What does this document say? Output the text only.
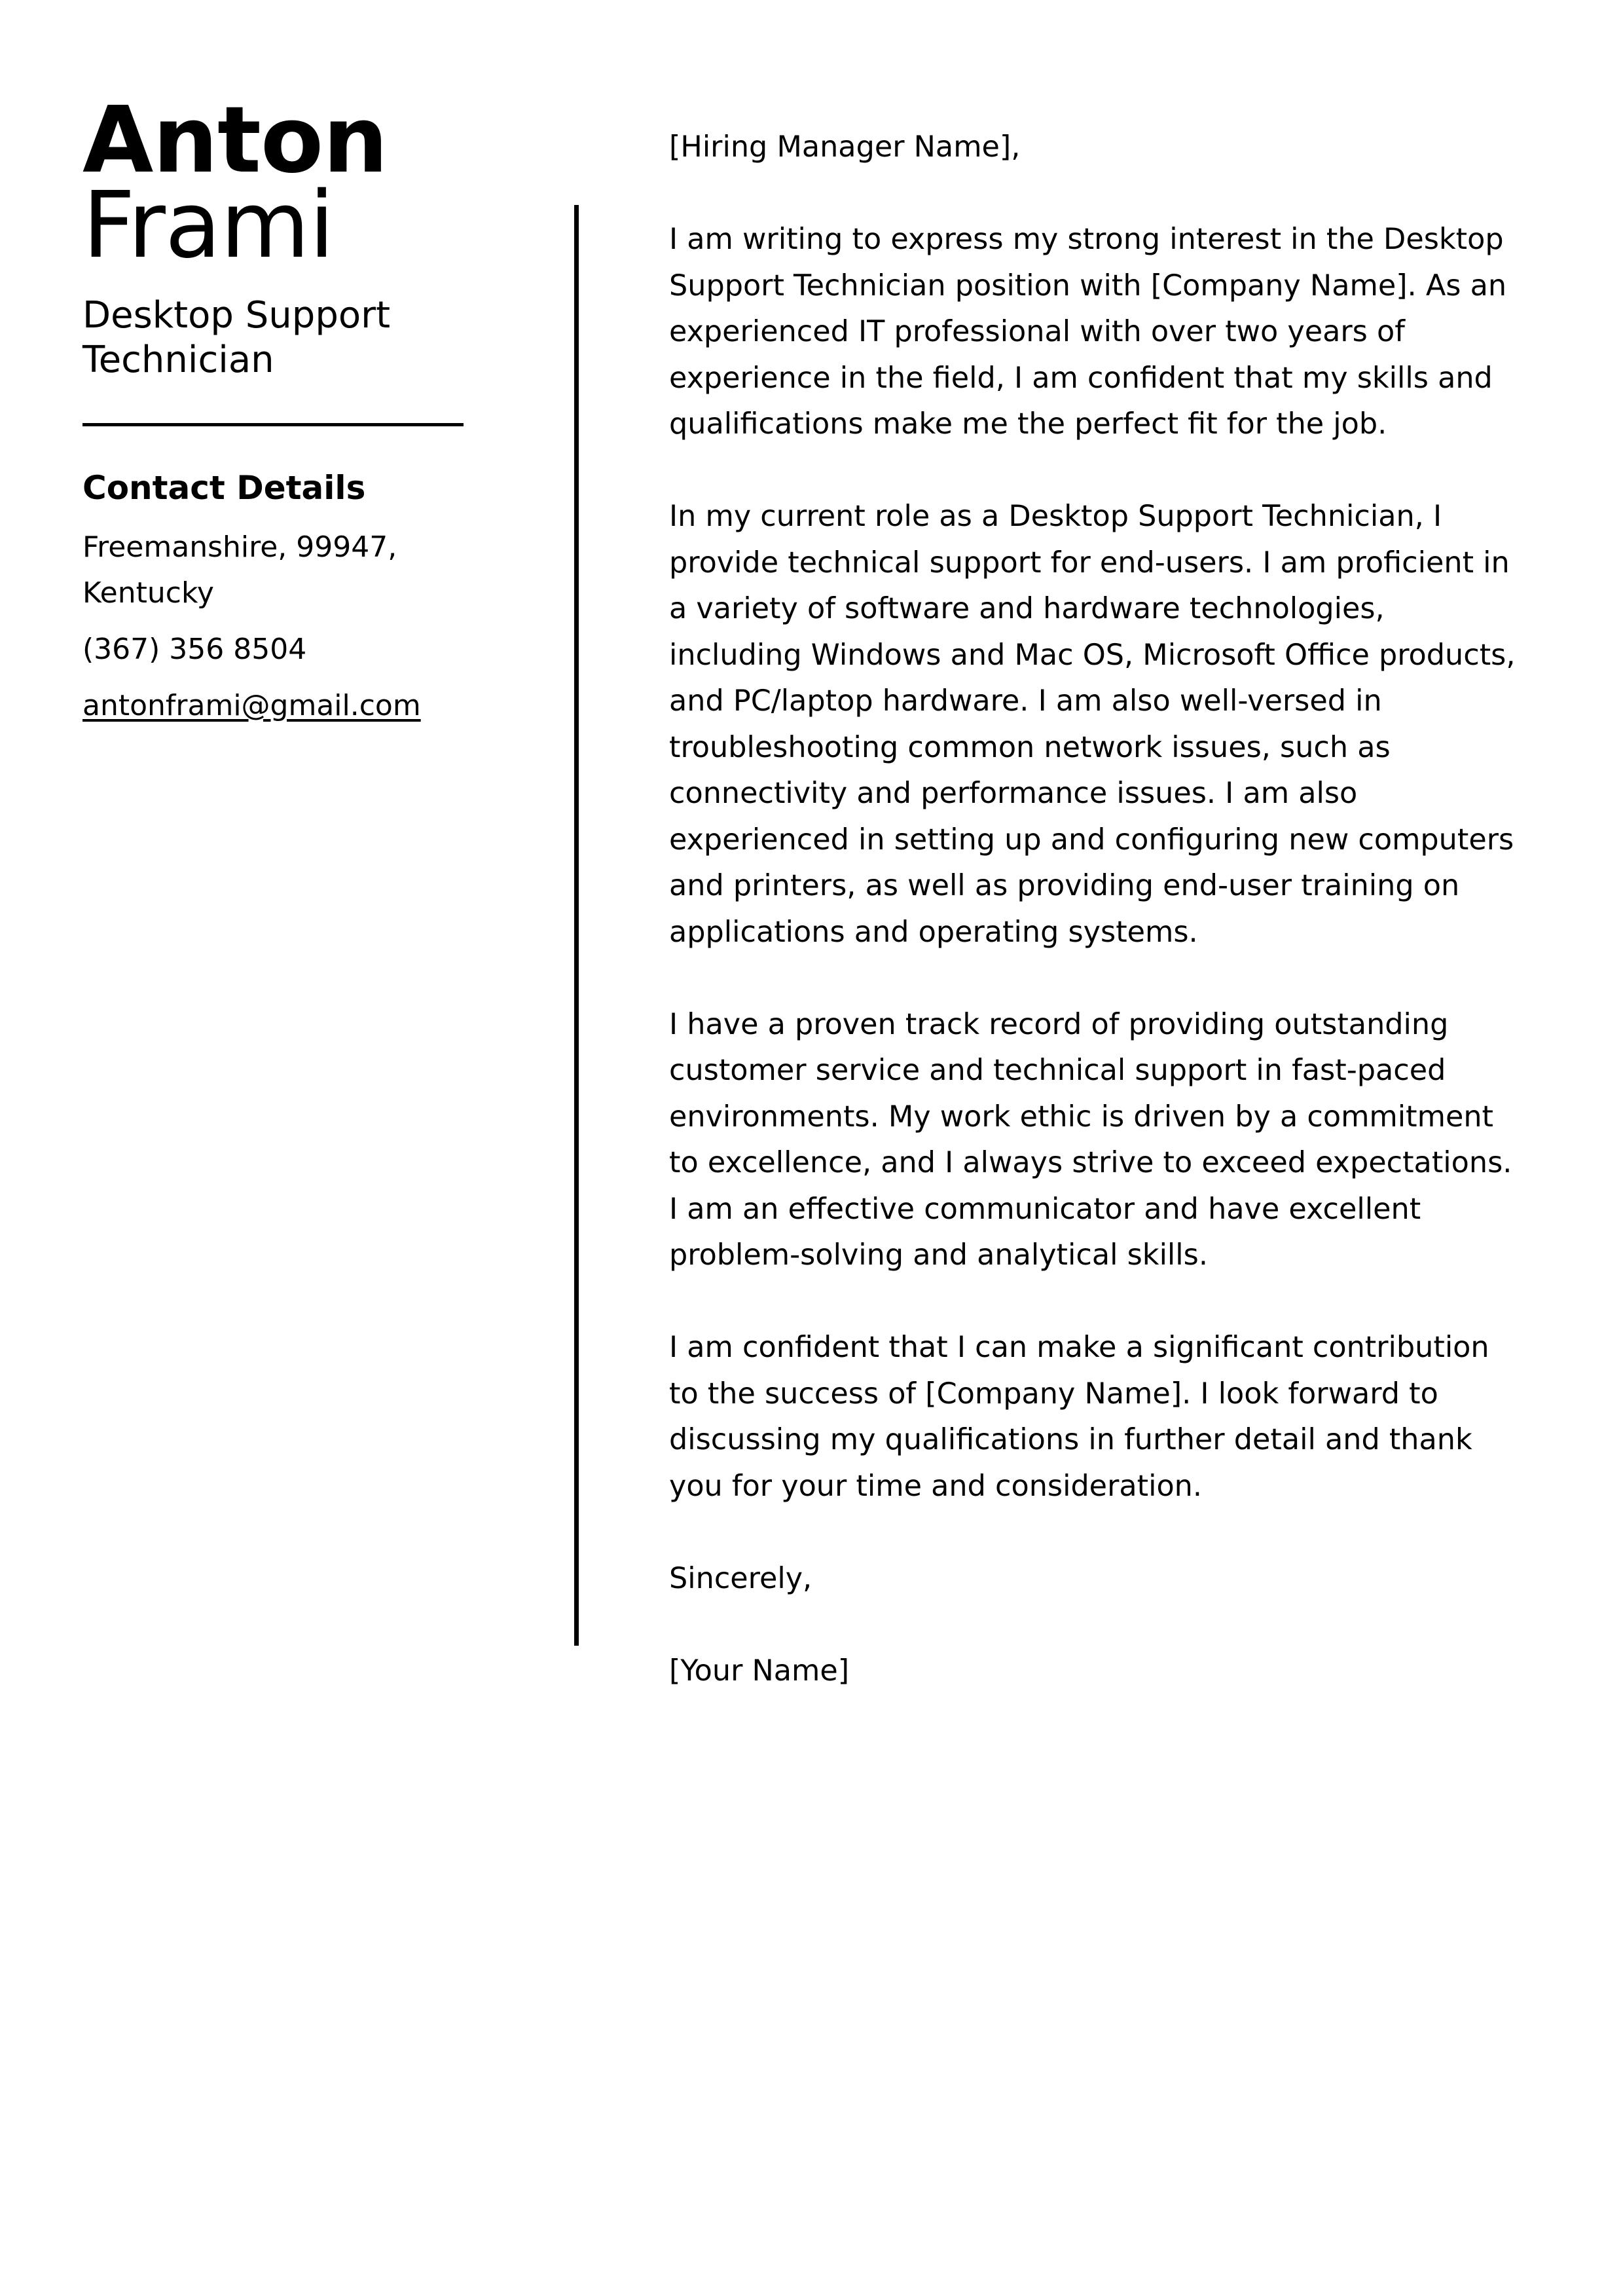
Anton
Frami
Desktop Support Technician
Contact Details
Freemanshire, 99947, Kentucky
(367) 356 8504
antonframi@gmail.com

[Hiring Manager Name],

I am writing to express my strong interest in the Desktop Support Technician position with [Company Name]. As an experienced IT professional with over two years of experience in the field, I am confident that my skills and qualifications make me the perfect fit for the job.

In my current role as a Desktop Support Technician, I provide technical support for end-users. I am proficient in a variety of software and hardware technologies, including Windows and Mac OS, Microsoft Office products, and PC/laptop hardware. I am also well-versed in troubleshooting common network issues, such as connectivity and performance issues. I am also experienced in setting up and configuring new computers and printers, as well as providing end-user training on applications and operating systems.

I have a proven track record of providing outstanding customer service and technical support in fast-paced environments. My work ethic is driven by a commitment to excellence, and I always strive to exceed expectations. I am an effective communicator and have excellent problem-solving and analytical skills.

I am confident that I can make a significant contribution to the success of [Company Name]. I look forward to discussing my qualifications in further detail and thank you for your time and consideration.

Sincerely,

[Your Name]
